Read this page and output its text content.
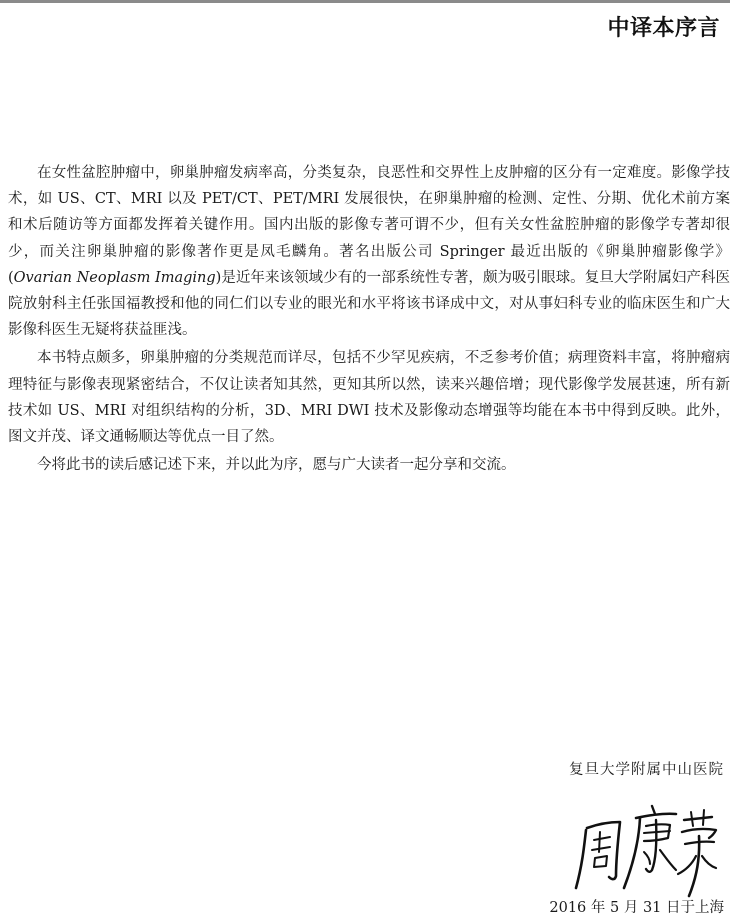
中译本序言

在女性盆腔肿瘤中，卵巢肿瘤发病率高，分类复杂，良恶性和交界性上皮肿瘤的区分有一定难度。影像学技术，如 US、CT、MRI 以及 PET/CT、PET/MRI 发展很快，在卵巢肿瘤的检测、定性、分期、优化术前方案和术后随访等方面都发挥着关键作用。国内出版的影像专著可谓不少，但有关女性盆腔肿瘤的影像学专著却很少，而关注卵巢肿瘤的影像著作更是凤毛麟角。著名出版公司 Springer 最近出版的《卵巢肿瘤影像学》(Ovarian Neoplasm Imaging)是近年来该领域少有的一部系统性专著，颇为吸引眼球。复旦大学附属妇产科医院放射科主任张国福教授和他的同仁们以专业的眼光和水平将该书译成中文，对从事妇科专业的临床医生和广大影像科医生无疑将获益匪浅。

本书特点颇多，卵巢肿瘤的分类规范而详尽，包括不少罕见疾病，不乏参考价值；病理资料丰富，将肿瘤病理特征与影像表现紧密结合，不仅让读者知其然，更知其所以然，读来兴趣倍增；现代影像学发展甚速，所有新技术如 US、MRI 对组织结构的分析，3D、MRI DWI 技术及影像动态增强等均能在本书中得到反映。此外，图文并茂、译文通畅顺达等优点一目了然。

今将此书的读后感记述下来，并以此为序，愿与广大读者一起分享和交流。

复旦大学附属中山医院
2016 年 5 月 31 日于上海
